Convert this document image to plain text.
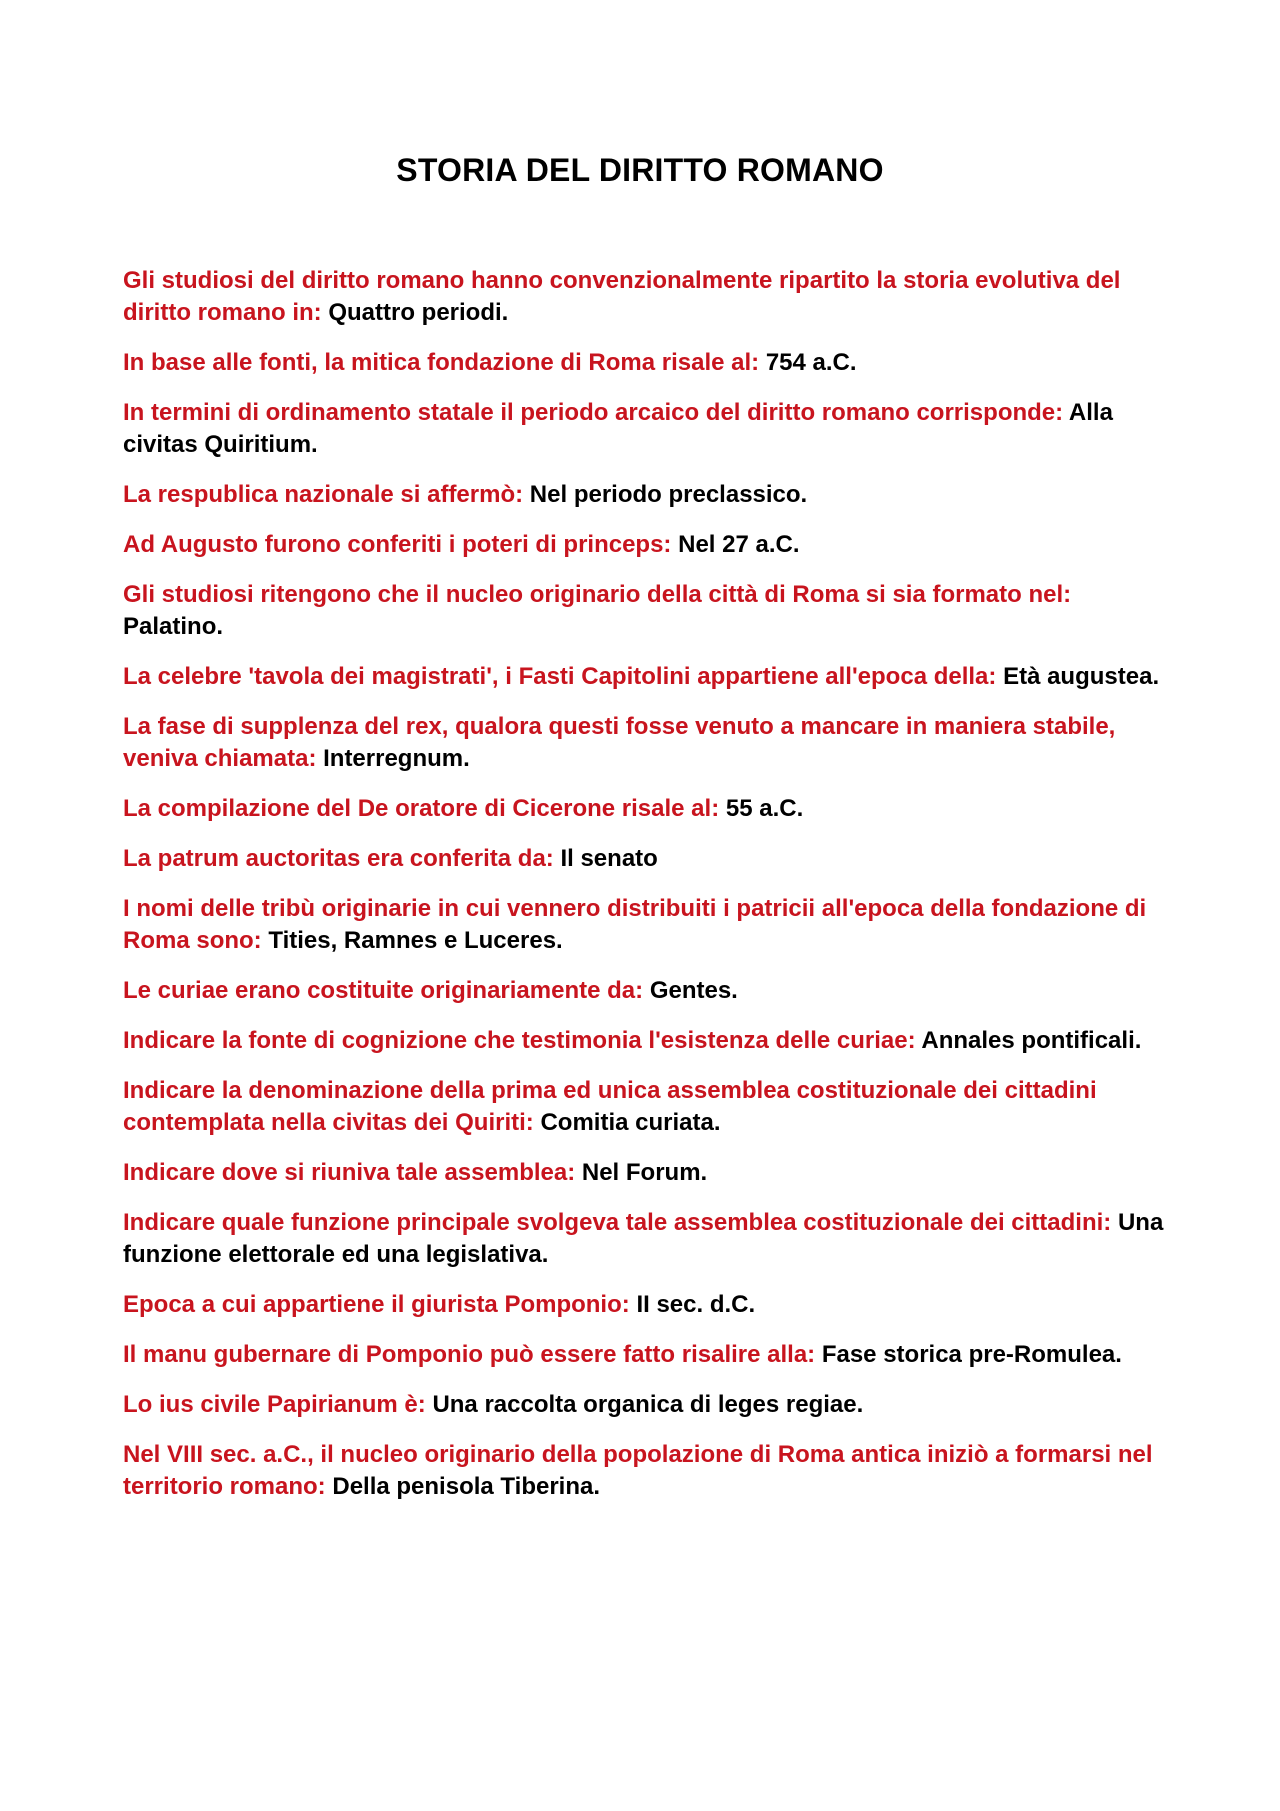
STORIA DEL DIRITTO ROMANO

Gli studiosi del diritto romano hanno convenzionalmente ripartito la storia evolutiva del diritto romano in: Quattro periodi.

In base alle fonti, la mitica fondazione di Roma risale al: 754 a.C.

In termini di ordinamento statale il periodo arcaico del diritto romano corrisponde: Alla civitas Quiritium.

La respublica nazionale si affermò: Nel periodo preclassico.

Ad Augusto furono conferiti i poteri di princeps: Nel 27 a.C.

Gli studiosi ritengono che il nucleo originario della città di Roma si sia formato nel: Palatino.

La celebre 'tavola dei magistrati', i Fasti Capitolini appartiene all'epoca della: Età augustea.

La fase di supplenza del rex, qualora questi fosse venuto a mancare in maniera stabile, veniva chiamata: Interregnum.

La compilazione del De oratore di Cicerone risale al: 55 a.C.

La patrum auctoritas era conferita da: Il senato

I nomi delle tribù originarie in cui vennero distribuiti i patricii all'epoca della fondazione di Roma sono: Tities, Ramnes e Luceres.

Le curiae erano costituite originariamente da: Gentes.

Indicare la fonte di cognizione che testimonia l'esistenza delle curiae: Annales pontificali.

Indicare la denominazione della prima ed unica assemblea costituzionale dei cittadini contemplata nella civitas dei Quiriti: Comitia curiata.

Indicare dove si riuniva tale assemblea: Nel Forum.

Indicare quale funzione principale svolgeva tale assemblea costituzionale dei cittadini: Una funzione elettorale ed una legislativa.

Epoca a cui appartiene il giurista Pomponio: II sec. d.C.

Il manu gubernare di Pomponio può essere fatto risalire alla: Fase storica pre-Romulea.

Lo ius civile Papirianum è: Una raccolta organica di leges regiae.

Nel VIII sec. a.C., il nucleo originario della popolazione di Roma antica iniziò a formarsi nel territorio romano: Della penisola Tiberina.
